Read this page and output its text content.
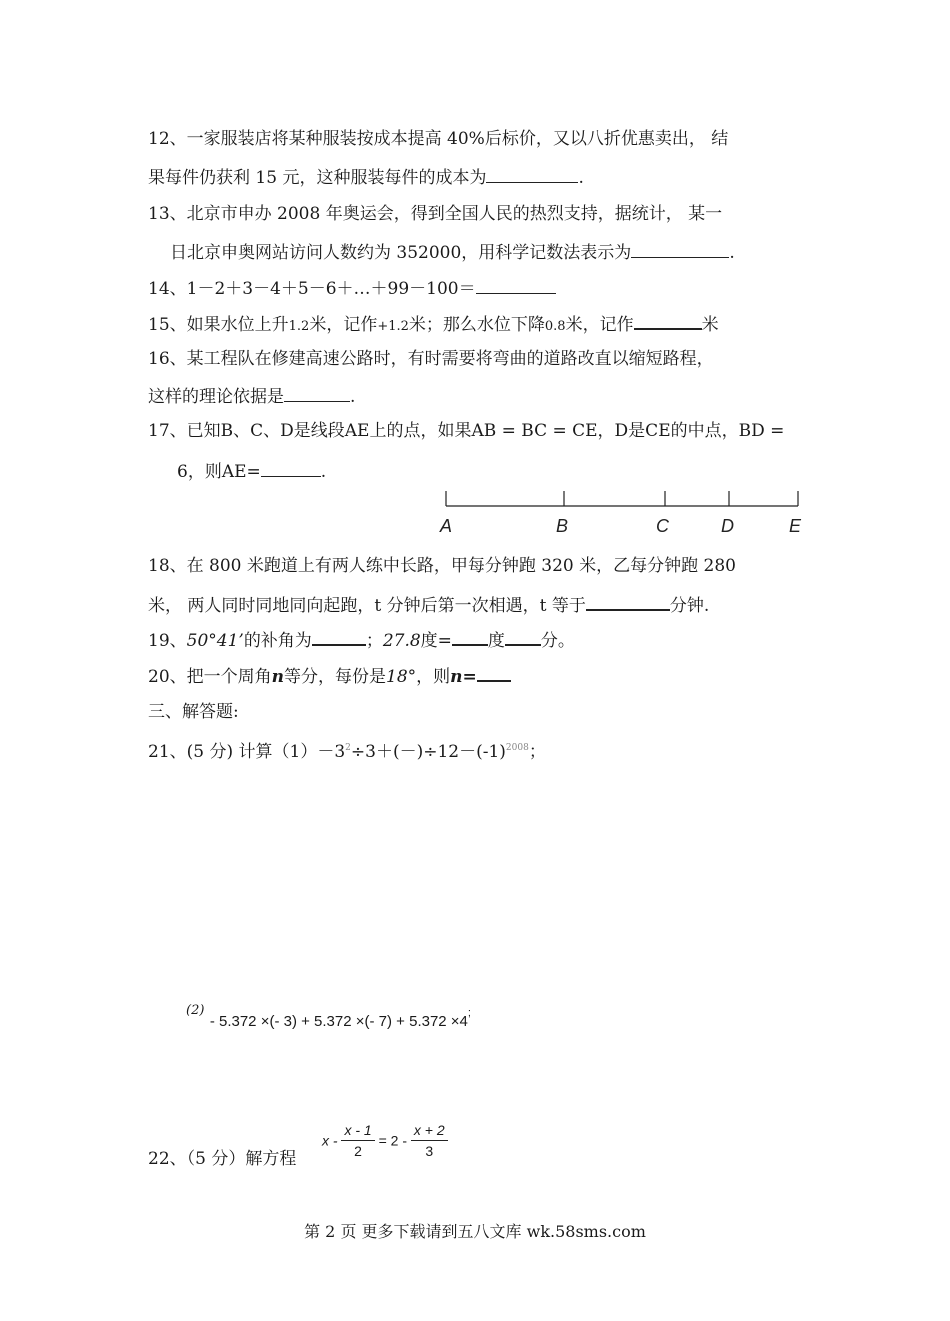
12、一家服装店将某种服装按成本提高 40%后标价，又以八折优惠卖出， 结
果每件仍获利 15 元，这种服装每件的成本为	.
13、北京市申办 2008 年奥运会，得到全国人民的热烈支持，据统计， 某一
日北京申奥网站访问人数约为 352000，用科学记数法表示为	.
14、1－2＋3－4＋5－6＋…＋99－100＝
15、如果水位上升1.2米，记作+1.2米；那么水位下降0.8米，记作	米
16、某工程队在修建高速公路时，有时需要将弯曲的道路改直以缩短路程，
这样的理论依据是	.
17、已知B、C、D是线段AE上的点，如果AB = BC = CE，D是CE的中点，BD =
6，则AE=	.
A	B	C	D	E
18、在 800 米跑道上有两人练中长路，甲每分钟跑 320 米，乙每分钟跑 280
米， 两人同时同地同向起跑，t 分钟后第一次相遇，t 等于	分钟.
19、50°41’的补角为	；27.8度= 度 分。
20、把一个周角n等分，每份是18°，则n=
三、解答题:
21、(5 分) 计算$(1)-3^2\div 3+(-)\div 12-(-1)^{2008}$；
$^{(2)}$ - 5.372 ×(- 3) + 5.372 ×(- 7) + 5.372 ×4;
22、（5 分）解方程
$x - \frac{x - 1}{2} = 2 - \frac{x + 2}{3}$
第 2 页 更多下载请到五八文库 wk.58sms.com
